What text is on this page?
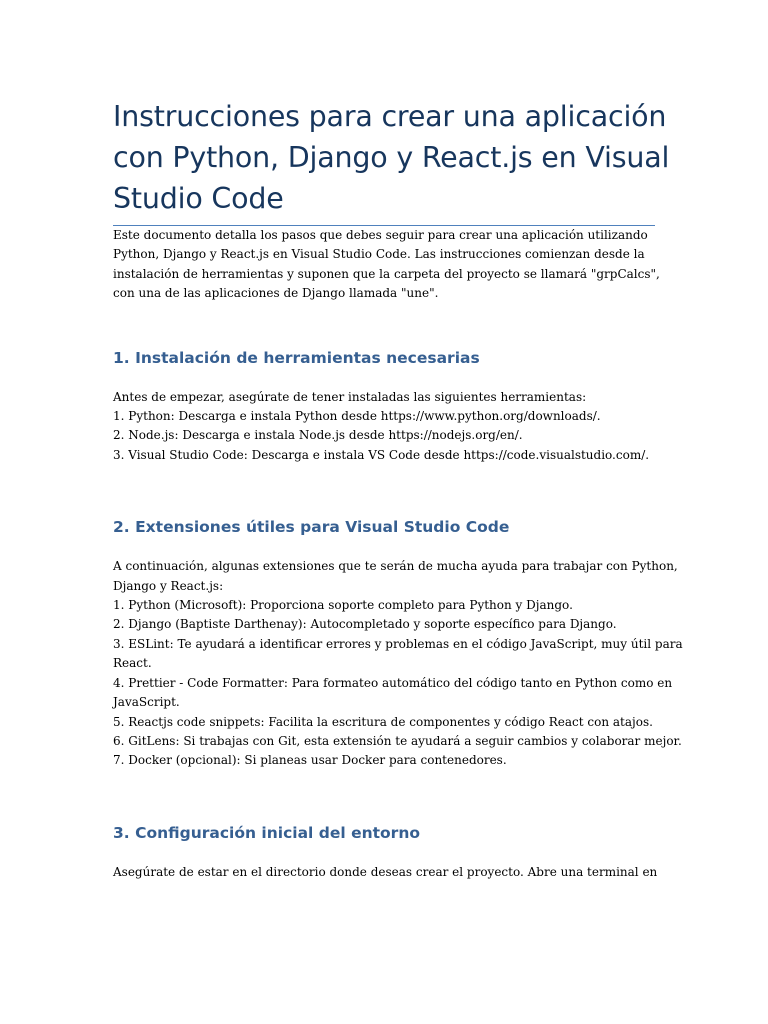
Instrucciones para crear una aplicación
con Python, Django y React.js en Visual
Studio Code

Este documento detalla los pasos que debes seguir para crear una aplicación utilizando
Python, Django y React.js en Visual Studio Code. Las instrucciones comienzan desde la
instalación de herramientas y suponen que la carpeta del proyecto se llamará "grpCalcs",
con una de las aplicaciones de Django llamada "une".

1. Instalación de herramientas necesarias

Antes de empezar, asegúrate de tener instaladas las siguientes herramientas:

1. Python: Descarga e instala Python desde https://www.python.org/downloads/.
2. Node.js: Descarga e instala Node.js desde https://nodejs.org/en/.
3. Visual Studio Code: Descarga e instala VS Code desde https://code.visualstudio.com/.
2. Extensiones útiles para Visual Studio Code

A continuación, algunas extensiones que te serán de mucha ayuda para trabajar con Python,
Django y React.js:

1. Python (Microsoft): Proporciona soporte completo para Python y Django.
2. Django (Baptiste Darthenay): Autocompletado y soporte específico para Django.
3. ESLint: Te ayudará a identificar errores y problemas en el código JavaScript, muy útil para
React.
4. Prettier - Code Formatter: Para formateo automático del código tanto en Python como en
JavaScript.
5. Reactjs code snippets: Facilita la escritura de componentes y código React con atajos.
6. GitLens: Si trabajas con Git, esta extensión te ayudará a seguir cambios y colaborar mejor.
7. Docker (opcional): Si planeas usar Docker para contenedores.
3. Configuración inicial del entorno

Asegúrate de estar en el directorio donde deseas crear el proyecto. Abre una terminal en
